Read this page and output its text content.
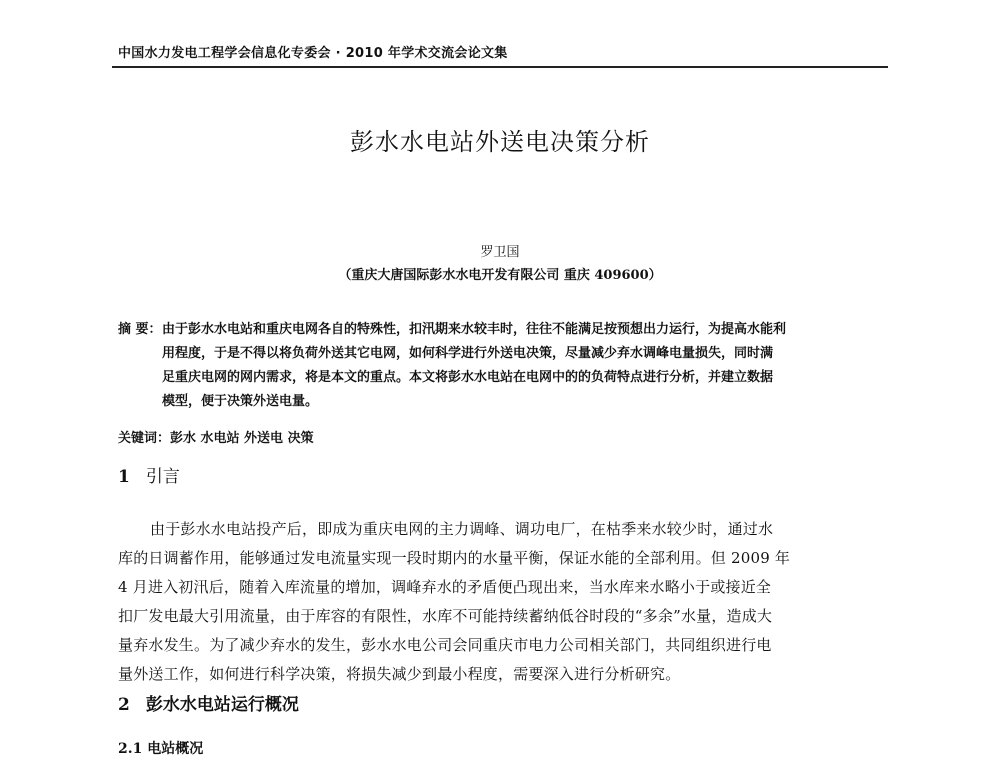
中国水力发电工程学会信息化专委会 · 2010 年学术交流会论文集
彭水水电站外送电决策分析
罗卫国
（重庆大唐国际彭水水电开发有限公司 重庆 409600）
摘 要： 由于彭水水电站和重庆电网各自的特殊性，扣汛期来水较丰时，往往不能满足按预想出力运行，为提高水能利
用程度，于是不得以将负荷外送其它电网，如何科学进行外送电决策，尽量减少弃水调峰电量损失，同时满
足重庆电网的网内需求，将是本文的重点。本文将彭水水电站在电网中的的负荷特点进行分析，并建立数据
模型，便于决策外送电量。
关键词：彭水 水电站 外送电 决策
1 引言
由于彭水水电站投产后，即成为重庆电网的主力调峰、调功电厂，在枯季来水较少时，通过水
库的日调蓄作用，能够通过发电流量实现一段时期内的水量平衡，保证水能的全部利用。但 2009 年
4 月进入初汛后，随着入库流量的增加，调峰弃水的矛盾便凸现出来，当水库来水略小于或接近全
扣厂发电最大引用流量，由于库容的有限性，水库不可能持续蓄纳低谷时段的“多余”水量，造成大
量弃水发生。为了减少弃水的发生，彭水水电公司会同重庆市电力公司相关部门，共同组织进行电
量外送工作，如何进行科学决策，将损失减少到最小程度，需要深入进行分析研究。
2 彭水水电站运行概况
2.1 电站概况
